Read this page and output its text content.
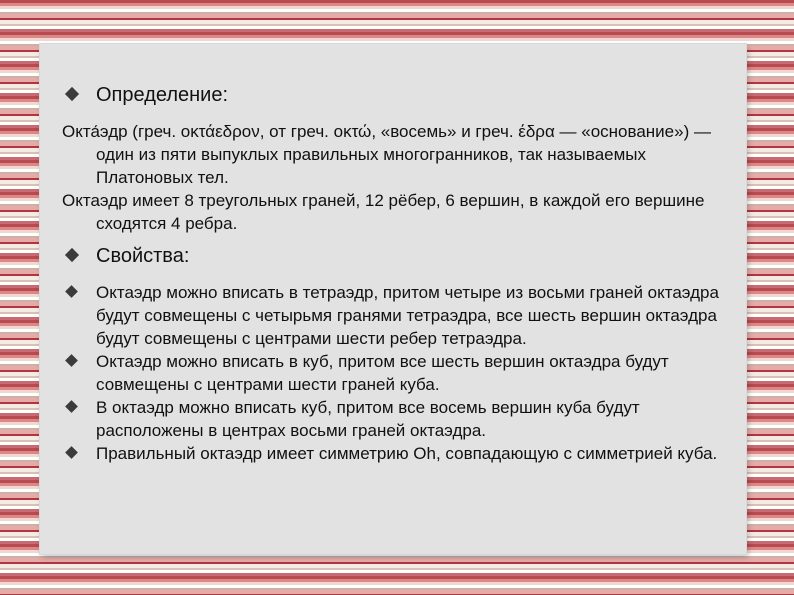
Определение:
Окта́эдр (греч. οκτάεδρον, от греч. οκτώ, «восемь» и греч. έδρα — «основание») — один из пяти выпуклых правильных многогранников, так называемых Платоновых тел.
Октаэдр имеет 8 треугольных граней, 12 рёбер, 6 вершин, в каждой его вершине сходятся 4 ребра.
Свойства:
Октаэдр можно вписать в тетраэдр, притом четыре из восьми граней октаэдра будут совмещены с четырьмя гранями тетраэдра, все шесть вершин октаэдра будут совмещены с центрами шести ребер тетраэдра.
Октаэдр можно вписать в куб, притом все шесть вершин октаэдра будут совмещены с центрами шести граней куба.
В октаэдр можно вписать куб, притом все восемь вершин куба будут расположены в центрах восьми граней октаэдра.
Правильный октаэдр имеет симметрию Oh, совпадающую с симметрией куба.
